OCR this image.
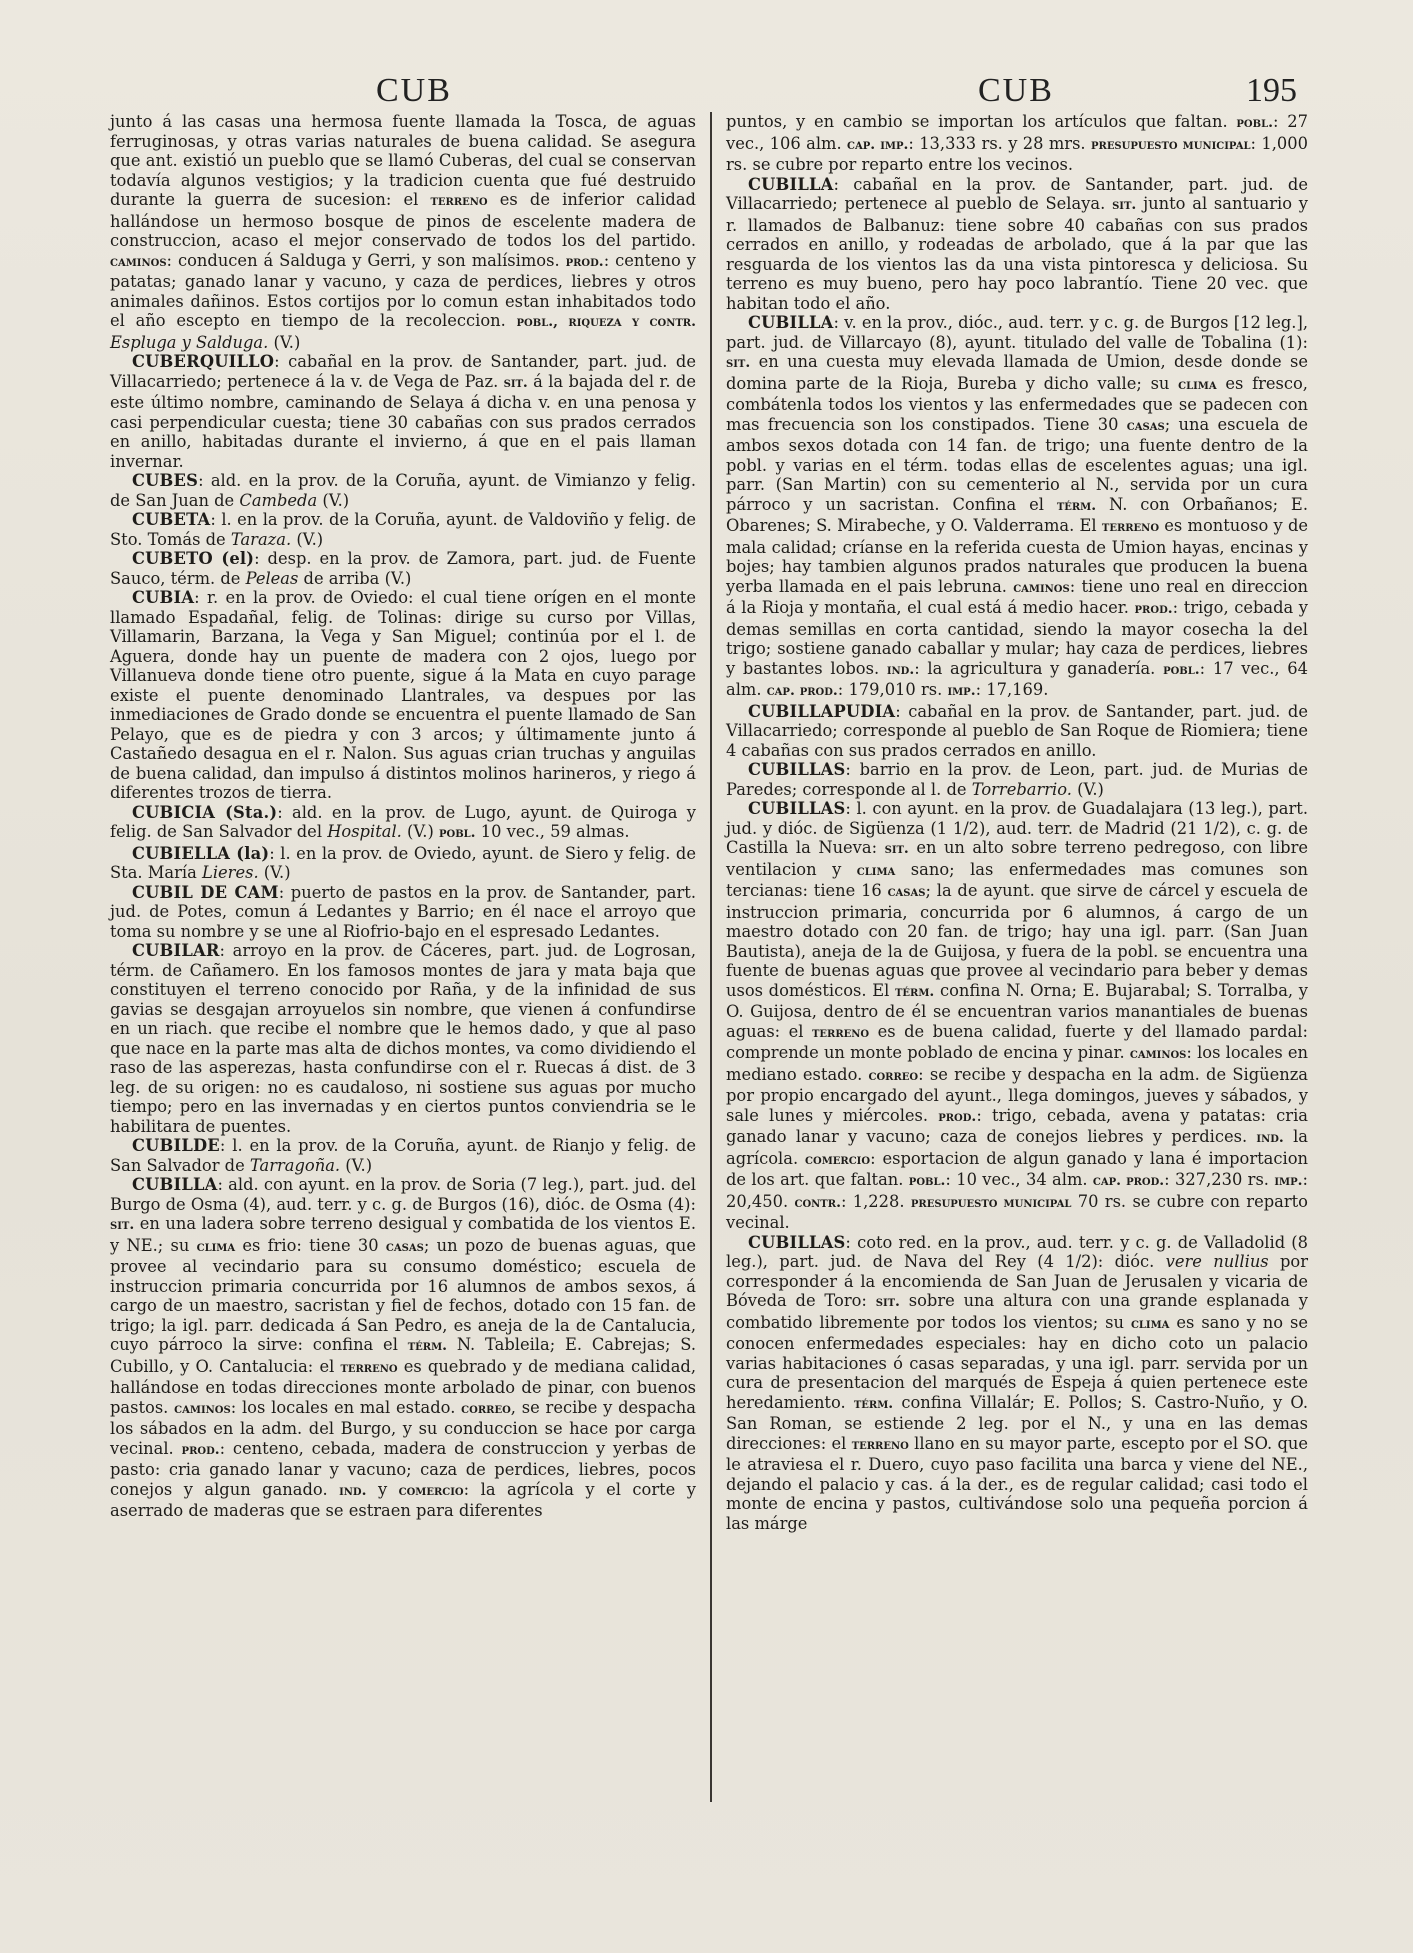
CUB	CUB	195

junto á las casas una hermosa fuente llamada la Tosca, de aguas ferruginosas, y otras varias naturales de buena calidad. Se asegura que ant. existió un pueblo que se llamó Cuberas, del cual se conservan todavía algunos vestigios; y la tradicion cuenta que fué destruido durante la guerra de sucesion: el terreno es de inferior calidad hallándose un hermoso bosque de pinos de escelente madera de construccion, acaso el mejor conservado de todos los del partido. caminos: conducen á Salduga y Gerri, y son malísimos. prod.: centeno y patatas; ganado lanar y vacuno, y caza de perdices, liebres y otros animales dañinos. Estos cortijos por lo comun estan inhabitados todo el año escepto en tiempo de la recoleccion. pobl., riqueza y contr. Espluga y Salduga. (V.)

CUBERQUILLO: cabañal en la prov. de Santander, part. jud. de Villacarriedo; pertenece á la v. de Vega de Paz. sit. á la bajada del r. de este último nombre, caminando de Selaya á dicha v. en una penosa y casi perpendicular cuesta; tiene 30 cabañas con sus prados cerrados en anillo, habitadas durante el invierno, á que en el pais llaman invernar.

CUBES: ald. en la prov. de la Coruña, ayunt. de Vimianzo y felig. de San Juan de Cambeda (V.)

CUBETA: l. en la prov. de la Coruña, ayunt. de Valdoviño y felig. de Sto. Tomás de Taraza. (V.)

CUBETO (el): desp. en la prov. de Zamora, part. jud. de Fuente Sauco, térm. de Peleas de arriba (V.)

CUBIA: r. en la prov. de Oviedo: el cual tiene orígen en el monte llamado Espadañal, felig. de Tolinas: dirige su curso por Villas, Villamarin, Barzana, la Vega y San Miguel; continúa por el l. de Aguera, donde hay un puente de madera con 2 ojos, luego por Villanueva donde tiene otro puente, sigue á la Mata en cuyo parage existe el puente denominado Llantrales, va despues por las inmediaciones de Grado donde se encuentra el puente llamado de San Pelayo, que es de piedra y con 3 arcos; y últimamente junto á Castañedo desagua en el r. Nalon. Sus aguas crian truchas y anguilas de buena calidad, dan impulso á distintos molinos harineros, y riego á diferentes trozos de tierra.

CUBICIA (Sta.): ald. en la prov. de Lugo, ayunt. de Quiroga y felig. de San Salvador del Hospital. (V.) pobl. 10 vec., 59 almas.

CUBIELLA (la): l. en la prov. de Oviedo, ayunt. de Siero y felig. de Sta. María Lieres. (V.)

CUBIL DE CAM: puerto de pastos en la prov. de Santander, part. jud. de Potes, comun á Ledantes y Barrio; en él nace el arroyo que toma su nombre y se une al Riofrio-bajo en el espresado Ledantes.

CUBILAR: arroyo en la prov. de Cáceres, part. jud. de Logrosan, térm. de Cañamero. En los famosos montes de jara y mata baja que constituyen el terreno conocido por Raña, y de la infinidad de sus gavias se desgajan arroyuelos sin nombre, que vienen á confundirse en un riach. que recibe el nombre que le hemos dado, y que al paso que nace en la parte mas alta de dichos montes, va como dividiendo el raso de las asperezas, hasta confundirse con el r. Ruecas á dist. de 3 leg. de su origen: no es caudaloso, ni sostiene sus aguas por mucho tiempo; pero en las invernadas y en ciertos puntos conviendria se le habilitara de puentes.

CUBILDE: l. en la prov. de la Coruña, ayunt. de Rianjo y felig. de San Salvador de Tarragoña. (V.)

CUBILLA: ald. con ayunt. en la prov. de Soria (7 leg.), part. jud. del Burgo de Osma (4), aud. terr. y c. g. de Burgos (16), dióc. de Osma (4): sit. en una ladera sobre terreno desigual y combatida de los vientos E. y NE.; su clima es frio: tiene 30 casas; un pozo de buenas aguas, que provee al vecindario para su consumo doméstico; escuela de instruccion primaria concurrida por 16 alumnos de ambos sexos, á cargo de un maestro, sacristan y fiel de fechos, dotado con 15 fan. de trigo; la igl. parr. dedicada á San Pedro, es aneja de la de Cantalucia, cuyo párroco la sirve: confina el térm. N. Tableila; E. Cabrejas; S. Cubillo, y O. Cantalucia: el terreno es quebrado y de mediana calidad, hallándose en todas direcciones monte arbolado de pinar, con buenos pastos. caminos: los locales en mal estado. correo, se recibe y despacha los sábados en la adm. del Burgo, y su conduccion se hace por carga vecinal. prod.: centeno, cebada, madera de construccion y yerbas de pasto: cria ganado lanar y vacuno; caza de perdices, liebres, pocos conejos y algun ganado. ind. y comercio: la agrícola y el corte y aserrado de maderas que se estraen para diferentes

puntos, y en cambio se importan los artículos que faltan. pobl.: 27 vec., 106 alm. cap. imp.: 13,333 rs. y 28 mrs. presupuesto municipal: 1,000 rs. se cubre por reparto entre los vecinos.

CUBILLA: cabañal en la prov. de Santander, part. jud. de Villacarriedo; pertenece al pueblo de Selaya. sit. junto al santuario y r. llamados de Balbanuz: tiene sobre 40 cabañas con sus prados cerrados en anillo, y rodeadas de arbolado, que á la par que las resguarda de los vientos las da una vista pintoresca y deliciosa. Su terreno es muy bueno, pero hay poco labrantío. Tiene 20 vec. que habitan todo el año.

CUBILLA: v. en la prov., dióc., aud. terr. y c. g. de Burgos [12 leg.], part. jud. de Villarcayo (8), ayunt. titulado del valle de Tobalina (1): sit. en una cuesta muy elevada llamada de Umion, desde donde se domina parte de la Rioja, Bureba y dicho valle; su clima es fresco, combátenla todos los vientos y las enfermedades que se padecen con mas frecuencia son los constipados. Tiene 30 casas; una escuela de ambos sexos dotada con 14 fan. de trigo; una fuente dentro de la pobl. y varias en el térm. todas ellas de escelentes aguas; una igl. parr. (San Martin) con su cementerio al N., servida por un cura párroco y un sacristan. Confina el térm. N. con Orbañanos; E. Obarenes; S. Mirabeche, y O. Valderrama. El terreno es montuoso y de mala calidad; críanse en la referida cuesta de Umion hayas, encinas y bojes; hay tambien algunos prados naturales que producen la buena yerba llamada en el pais lebruna. caminos: tiene uno real en direccion á la Rioja y montaña, el cual está á medio hacer. prod.: trigo, cebada y demas semillas en corta cantidad, siendo la mayor cosecha la del trigo; sostiene ganado caballar y mular; hay caza de perdices, liebres y bastantes lobos. ind.: la agricultura y ganadería. pobl.: 17 vec., 64 alm. cap. prod.: 179,010 rs. imp.: 17,169.

CUBILLAPUDIA: cabañal en la prov. de Santander, part. jud. de Villacarriedo; corresponde al pueblo de San Roque de Riomiera; tiene 4 cabañas con sus prados cerrados en anillo.

CUBILLAS: barrio en la prov. de Leon, part. jud. de Murias de Paredes; corresponde al l. de Torrebarrio. (V.)

CUBILLAS: l. con ayunt. en la prov. de Guadalajara (13 leg.), part. jud. y dióc. de Sigüenza (1 1/2), aud. terr. de Madrid (21 1/2), c. g. de Castilla la Nueva: sit. en un alto sobre terreno pedregoso, con libre ventilacion y clima sano; las enfermedades mas comunes son tercianas: tiene 16 casas; la de ayunt. que sirve de cárcel y escuela de instruccion primaria, concurrida por 6 alumnos, á cargo de un maestro dotado con 20 fan. de trigo; hay una igl. parr. (San Juan Bautista), aneja de la de Guijosa, y fuera de la pobl. se encuentra una fuente de buenas aguas que provee al vecindario para beber y demas usos domésticos. El térm. confina N. Orna; E. Bujarabal; S. Torralba, y O. Guijosa, dentro de él se encuentran varios manantiales de buenas aguas: el terreno es de buena calidad, fuerte y del llamado pardal: comprende un monte poblado de encina y pinar. caminos: los locales en mediano estado. correo: se recibe y despacha en la adm. de Sigüenza por propio encargado del ayunt., llega domingos, jueves y sábados, y sale lunes y miércoles. prod.: trigo, cebada, avena y patatas: cria ganado lanar y vacuno; caza de conejos liebres y perdices. ind. la agrícola. comercio: esportacion de algun ganado y lana é importacion de los art. que faltan. pobl.: 10 vec., 34 alm. cap. prod.: 327,230 rs. imp.: 20,450. contr.: 1,228. presupuesto municipal 70 rs. se cubre con reparto vecinal.

CUBILLAS: coto red. en la prov., aud. terr. y c. g. de Valladolid (8 leg.), part. jud. de Nava del Rey (4 1/2): dióc. vere nullius por corresponder á la encomienda de San Juan de Jerusalen y vicaria de Bóveda de Toro: sit. sobre una altura con una grande esplanada y combatido libremente por todos los vientos; su clima es sano y no se conocen enfermedades especiales: hay en dicho coto un palacio varias habitaciones ó casas separadas, y una igl. parr. servida por un cura de presentacion del marqués de Espeja á quien pertenece este heredamiento. térm. confina Villalár; E. Pollos; S. Castro-Nuño, y O. San Roman, se estiende 2 leg. por el N., y una en las demas direcciones: el terreno llano en su mayor parte, escepto por el SO. que le atraviesa el r. Duero, cuyo paso facilita una barca y viene del NE., dejando el palacio y cas. á la der., es de regular calidad; casi todo el monte de encina y pastos, cultivándose solo una pequeña porcion á las márge
